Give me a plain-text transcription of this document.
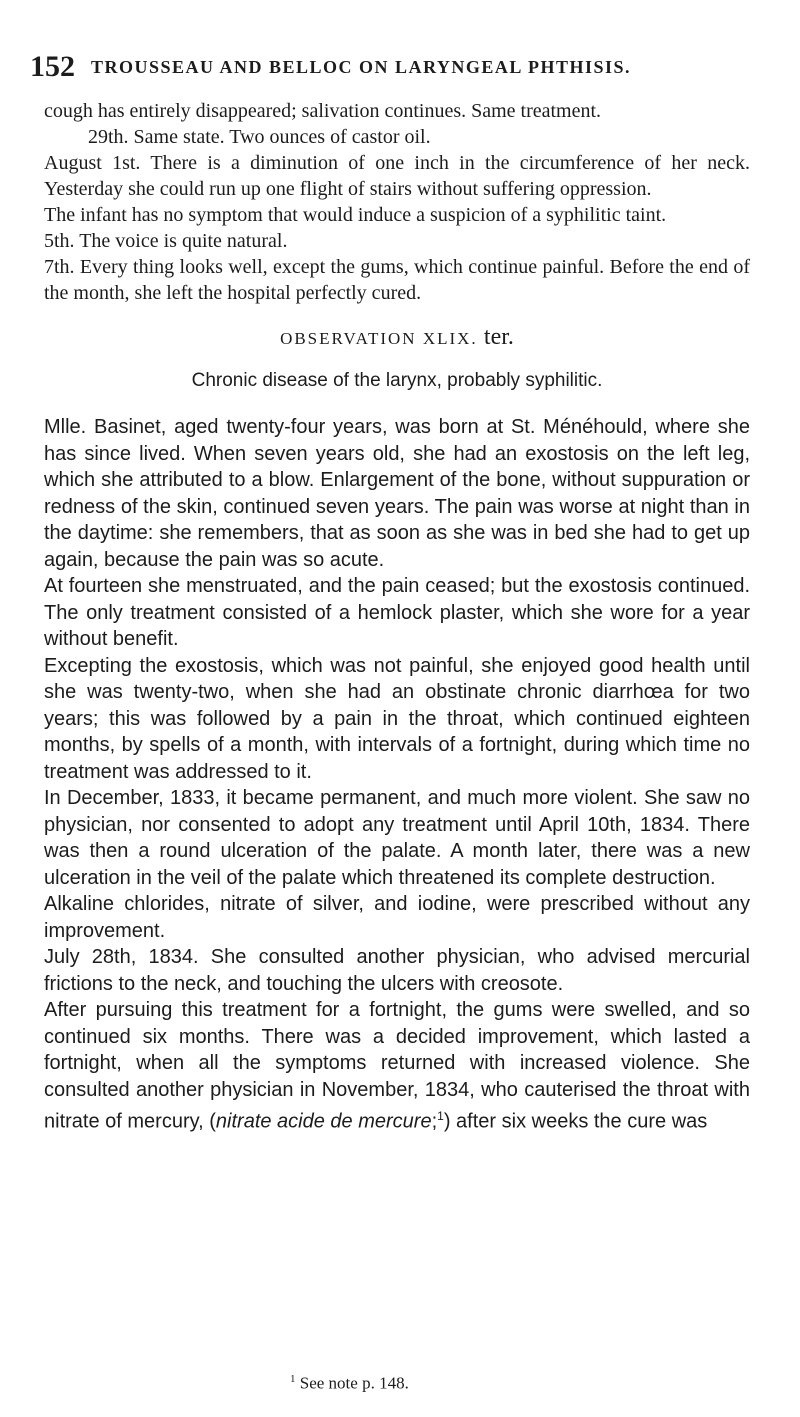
152 TROUSSEAU AND BELLOC ON LARYNGEAL PHTHISIS.

cough has entirely disappeared; salivation continues. Same treatment.

29th. Same state. Two ounces of castor oil.

August 1st. There is a diminution of one inch in the circumference of her neck. Yesterday she could run up one flight of stairs without suffering oppression.

The infant has no symptom that would induce a suspicion of a syphilitic taint.

5th. The voice is quite natural.

7th. Every thing looks well, except the gums, which continue painful. Before the end of the month, she left the hospital perfectly cured.

OBSERVATION XLIX. ter.

Chronic disease of the larynx, probably syphilitic.

Mlle. Basinet, aged twenty-four years, was born at St. Ménéhould, where she has since lived. When seven years old, she had an exostosis on the left leg, which she attributed to a blow. Enlargement of the bone, without suppuration or redness of the skin, continued seven years. The pain was worse at night than in the daytime: she remembers, that as soon as she was in bed she had to get up again, because the pain was so acute.

At fourteen she menstruated, and the pain ceased; but the exostosis continued. The only treatment consisted of a hemlock plaster, which she wore for a year without benefit.

Excepting the exostosis, which was not painful, she enjoyed good health until she was twenty-two, when she had an obstinate chronic diarrhœa for two years; this was followed by a pain in the throat, which continued eighteen months, by spells of a month, with intervals of a fortnight, during which time no treatment was addressed to it.

In December, 1833, it became permanent, and much more violent. She saw no physician, nor consented to adopt any treatment until April 10th, 1834. There was then a round ulceration of the palate. A month later, there was a new ulceration in the veil of the palate which threatened its complete destruction.

Alkaline chlorides, nitrate of silver, and iodine, were prescribed without any improvement.

July 28th, 1834. She consulted another physician, who advised mercurial frictions to the neck, and touching the ulcers with creosote.

After pursuing this treatment for a fortnight, the gums were swelled, and so continued six months. There was a decided improvement, which lasted a fortnight, when all the symptoms returned with increased violence. She consulted another physician in November, 1834, who cauterised the throat with nitrate of mercury, (nitrate acide de mercure;$^1$) after six weeks the cure was

$^1$ See note p. 148.
